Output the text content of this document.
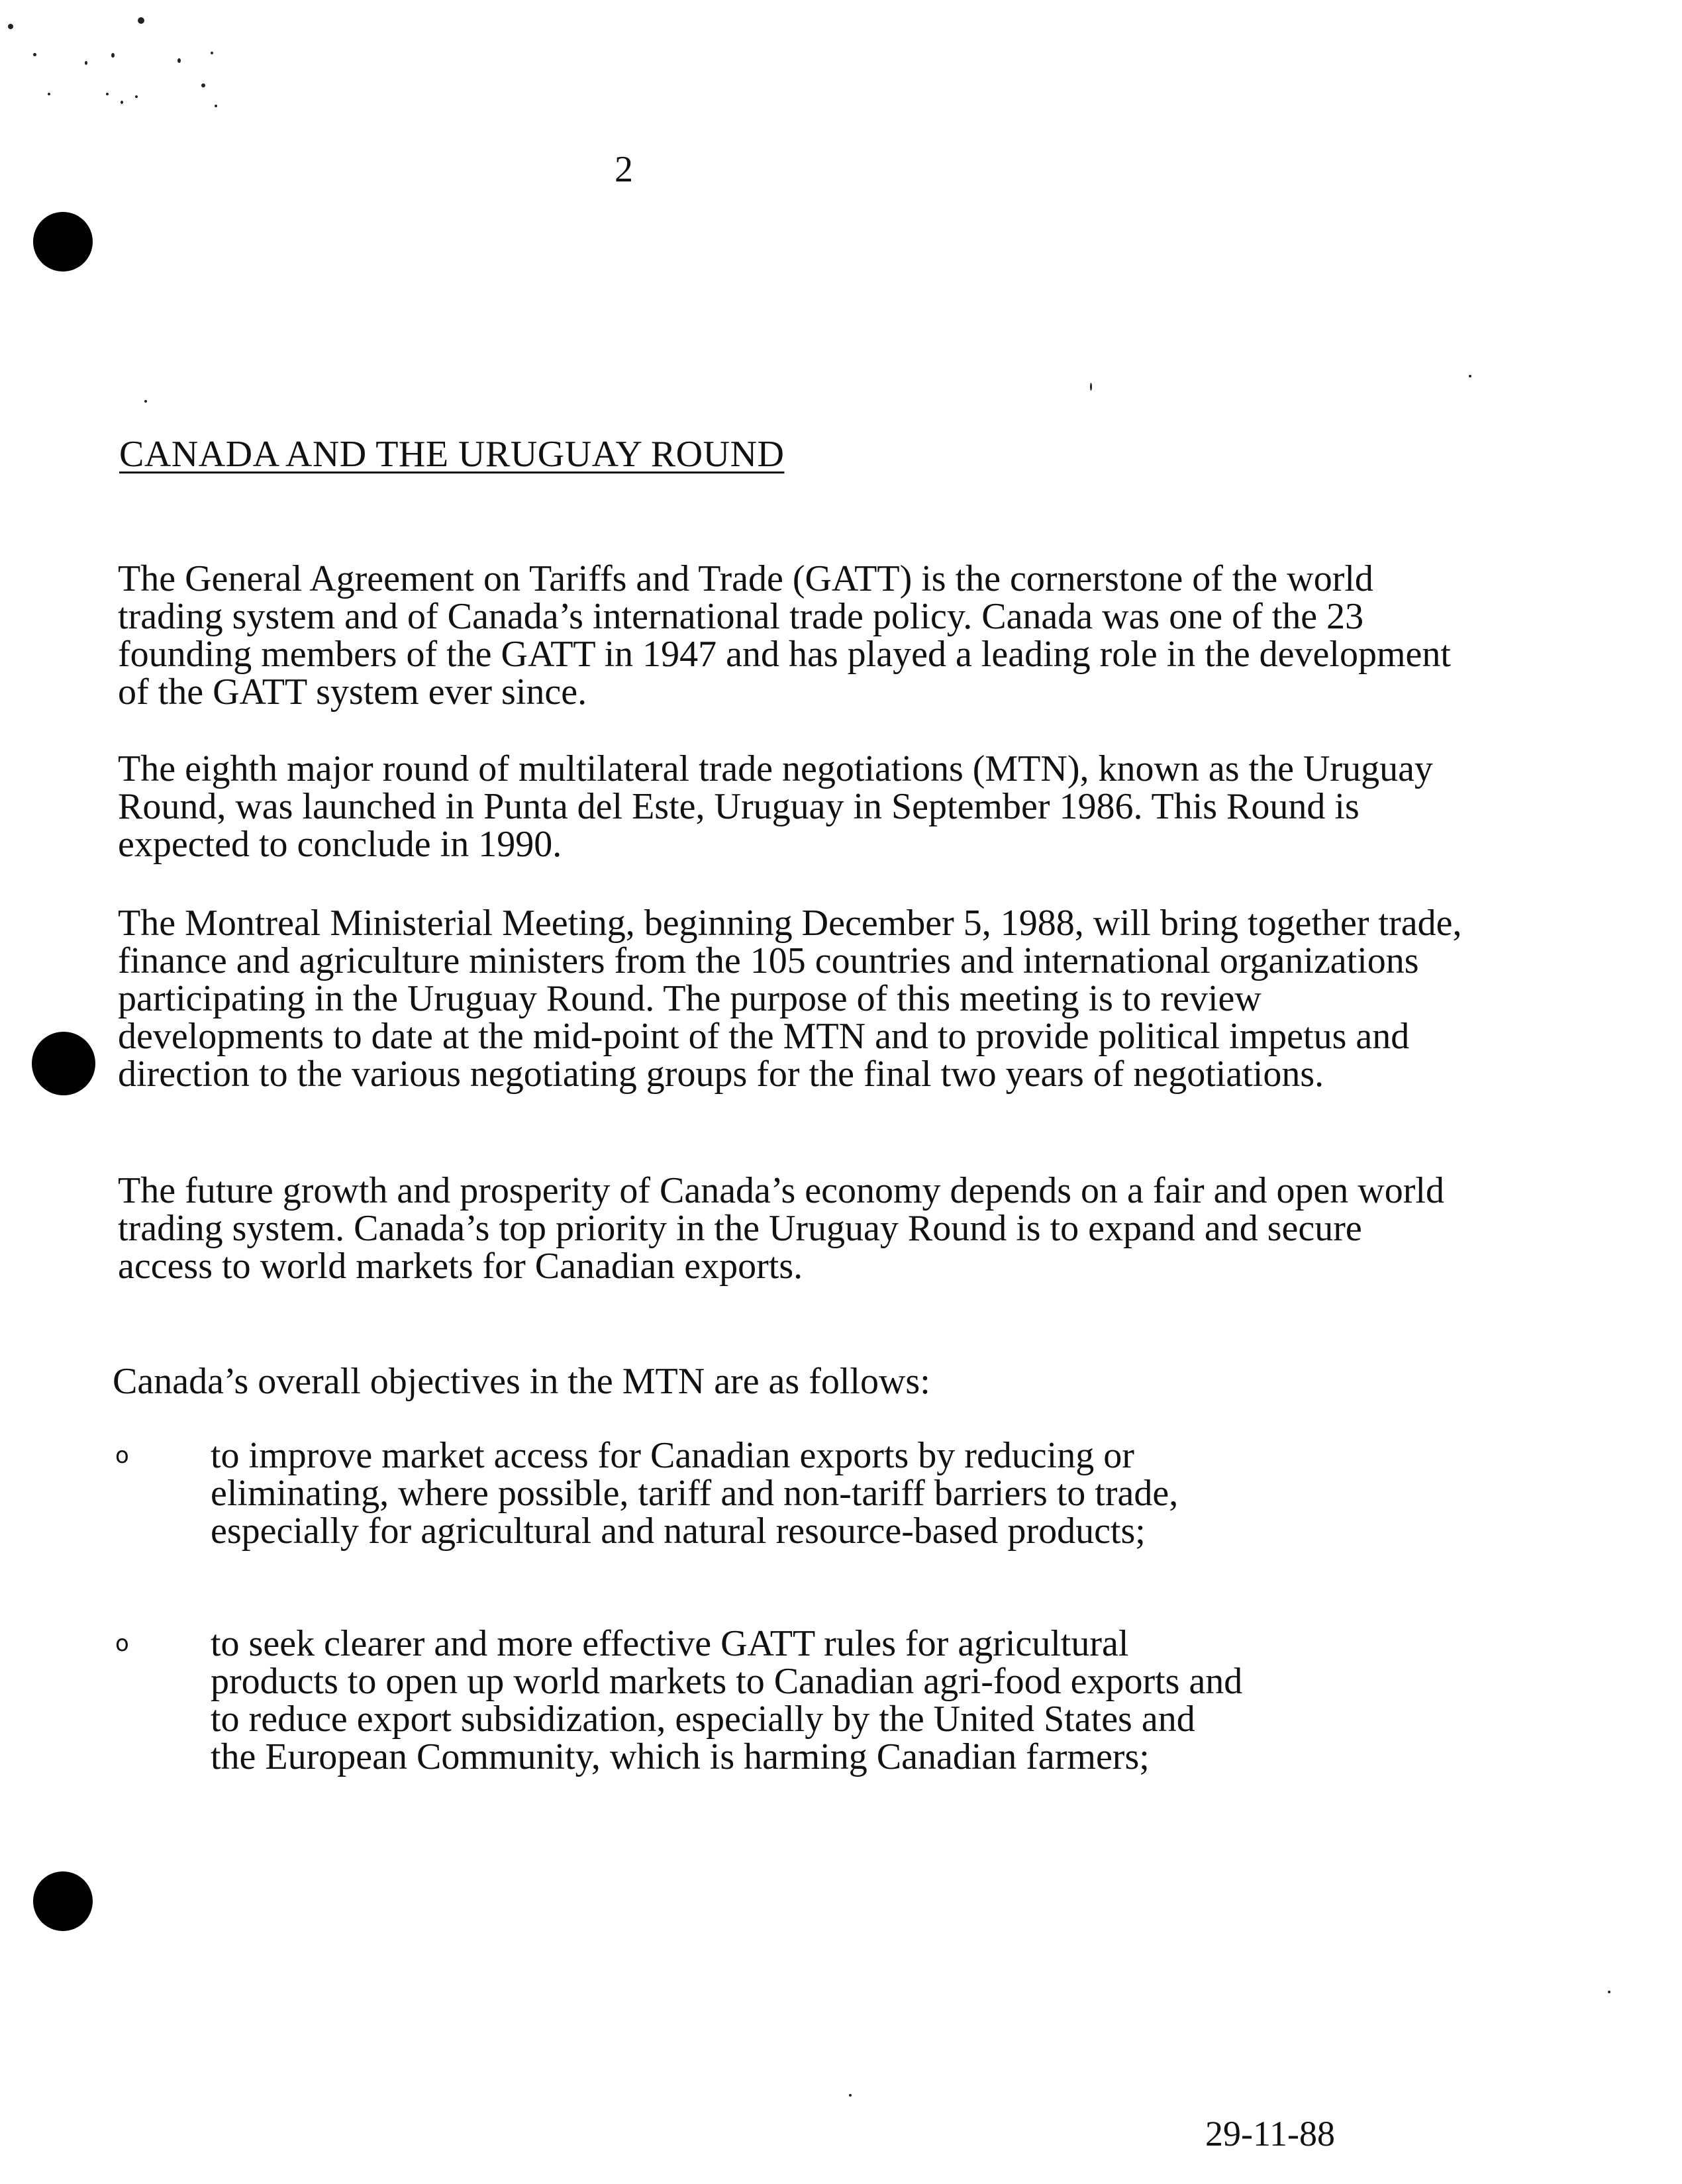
2
CANADA AND THE URUGUAY ROUND

The General Agreement on Tariffs and Trade (GATT) is the cornerstone of the world trading system and of Canada’s international trade policy. Canada was one of the 23 founding members of the GATT in 1947 and has played a leading role in the development of the GATT system ever since.

The eighth major round of multilateral trade negotiations (MTN), known as the Uruguay Round, was launched in Punta del Este, Uruguay in September 1986. This Round is expected to conclude in 1990.

The Montreal Ministerial Meeting, beginning December 5, 1988, will bring together trade, finance and agriculture ministers from the 105 countries and international organizations participating in the Uruguay Round. The purpose of this meeting is to review developments to date at the mid-point of the MTN and to provide political impetus and direction to the various negotiating groups for the final two years of negotiations.

The future growth and prosperity of Canada’s economy depends on a fair and open world trading system. Canada’s top priority in the Uruguay Round is to expand and secure access to world markets for Canadian exports.

Canada’s overall objectives in the MTN are as follows:

o to improve market access for Canadian exports by reducing or eliminating, where possible, tariff and non-tariff barriers to trade, especially for agricultural and natural resource-based products;

o to seek clearer and more effective GATT rules for agricultural products to open up world markets to Canadian agri-food exports and to reduce export subsidization, especially by the United States and the European Community, which is harming Canadian farmers;

29-11-88
